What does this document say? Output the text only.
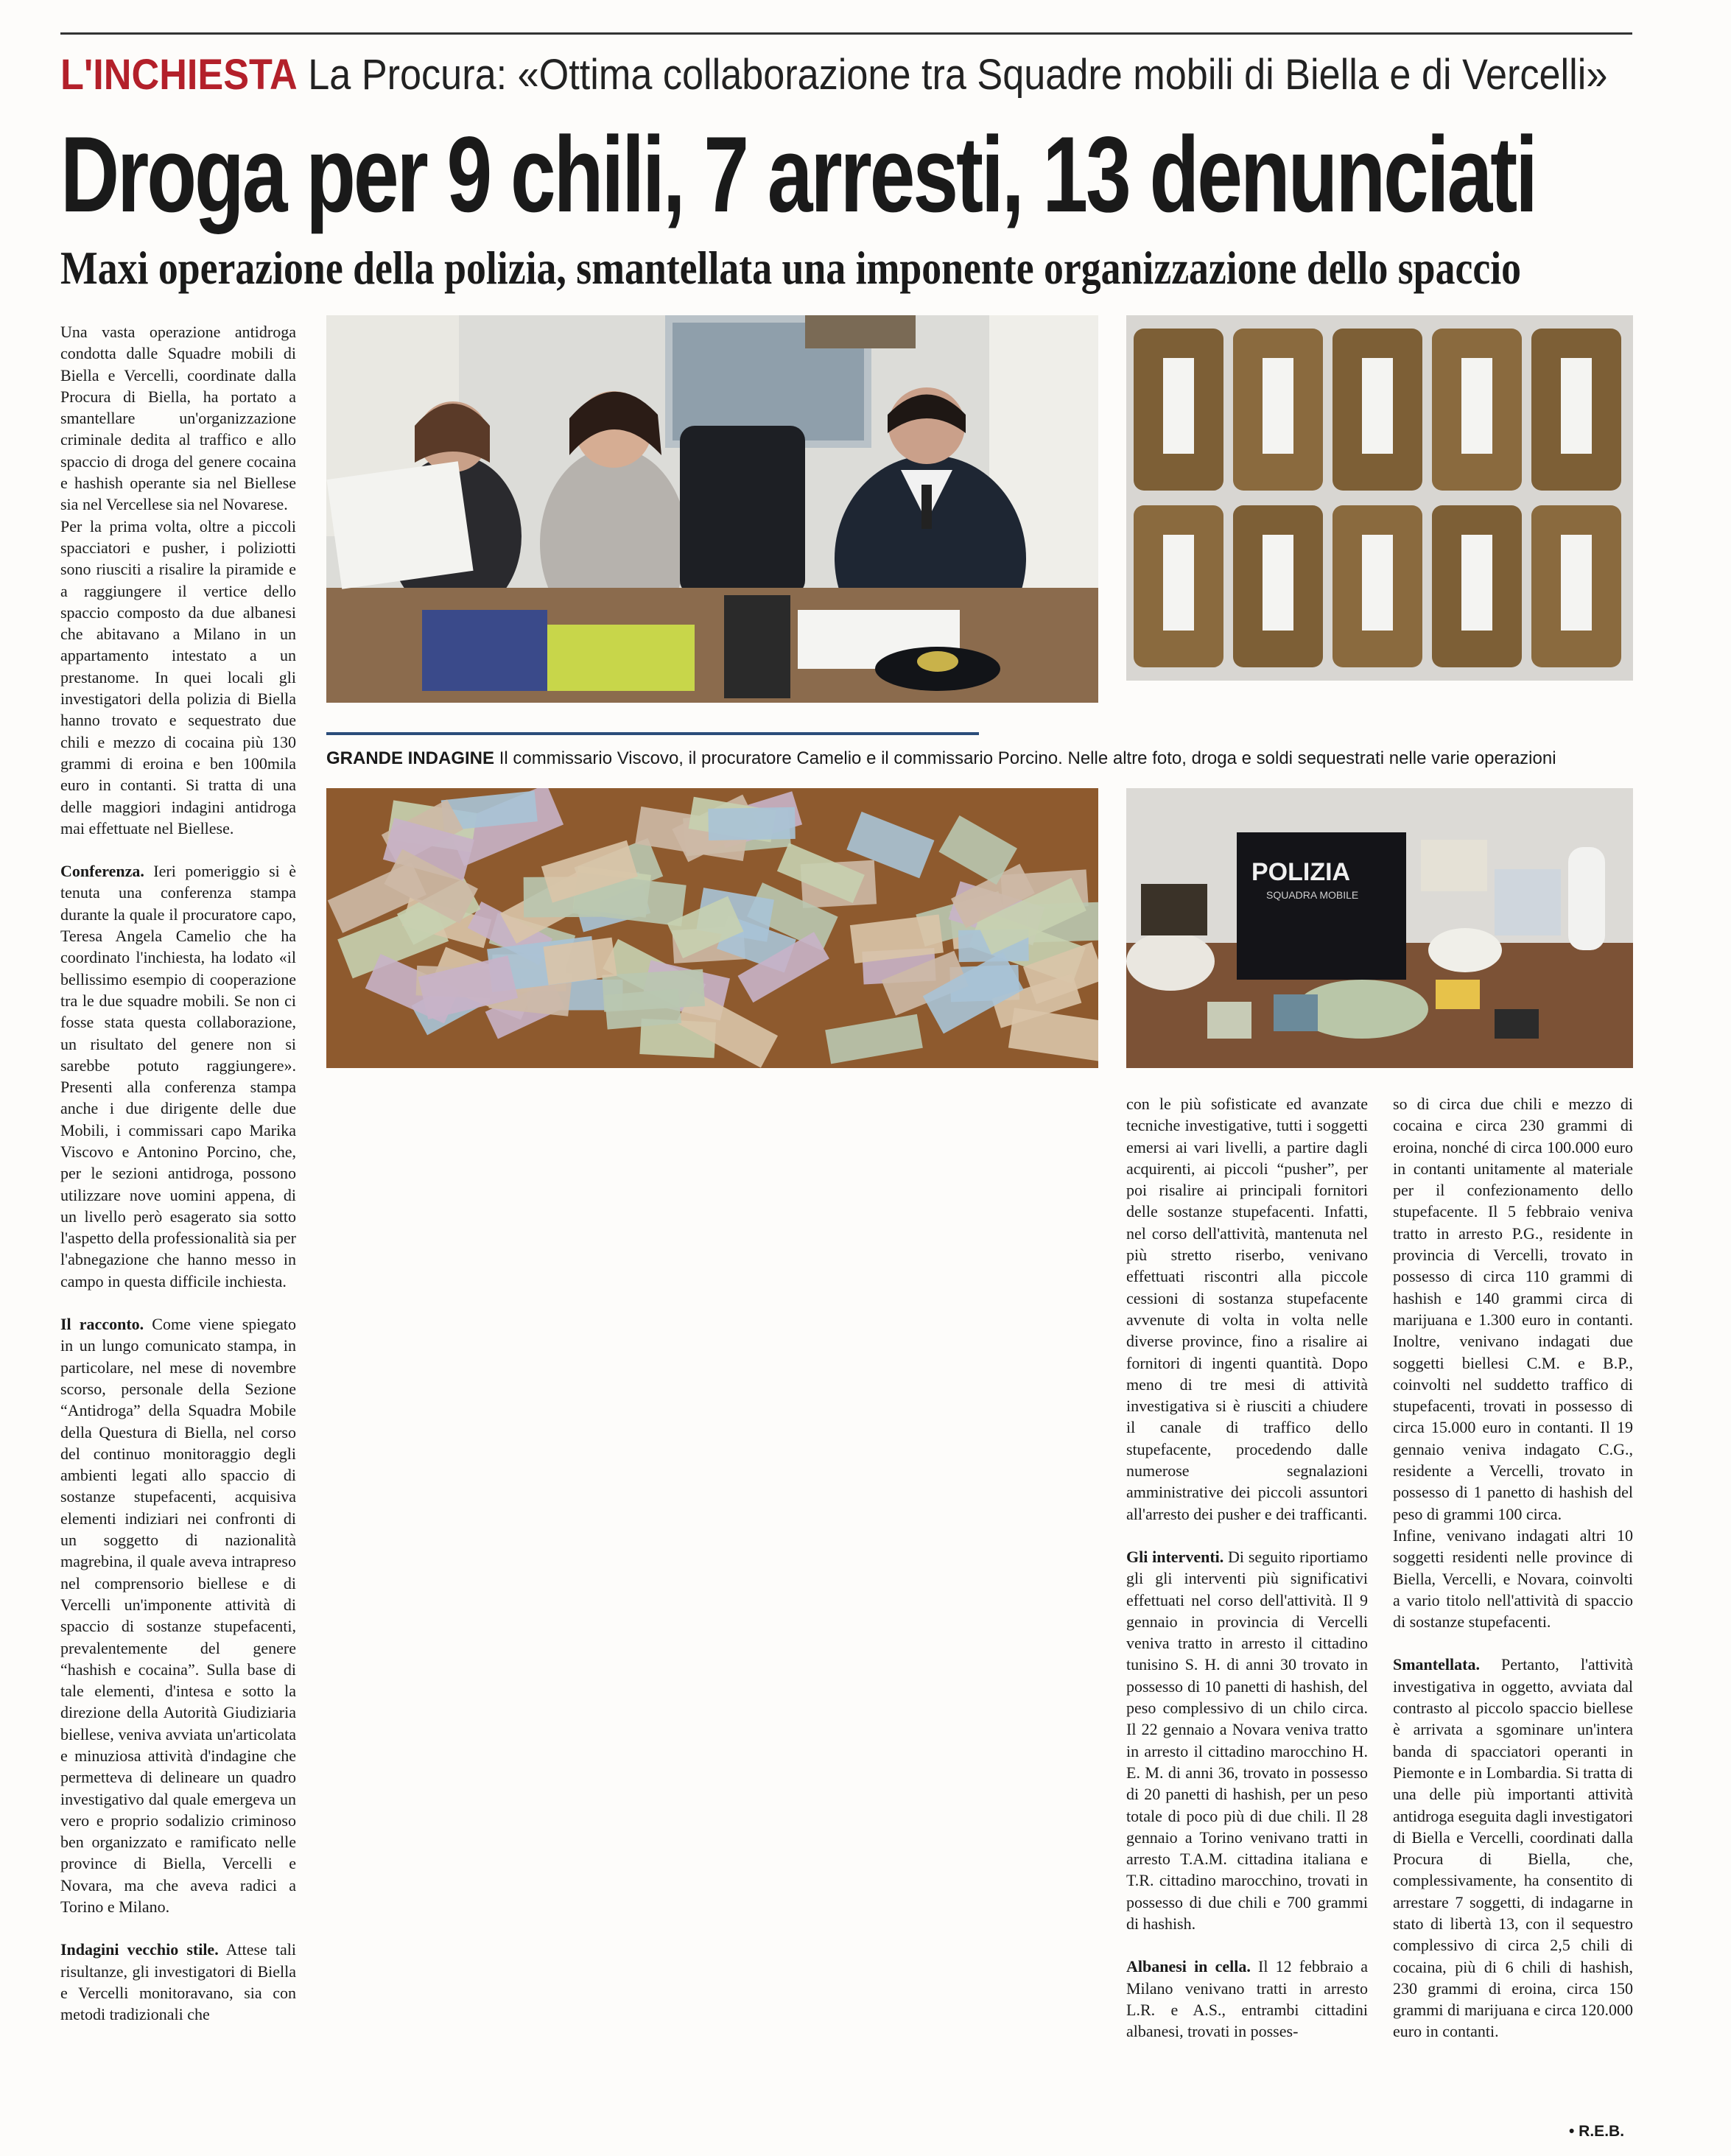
L'INCHIESTA La Procura: «Ottima collaborazione tra Squadre mobili di Biella e di Vercelli»
Droga per 9 chili, 7 arresti, 13 denunciati
Maxi operazione della polizia, smantellata una imponente organizzazione dello spaccio

Una vasta operazione antidroga condotta dalle Squadre mobili di Biella e Vercelli, coordinate dalla Procura di Biella, ha portato a smantellare un'organizzazione criminale dedita al traffico e allo spaccio di droga del genere cocaina e hashish operante sia nel Biellese sia nel Vercellese sia nel Novarese.

Per la prima volta, oltre a piccoli spacciatori e pusher, i poliziotti sono riusciti a risalire la piramide e a raggiungere il vertice dello spaccio composto da due albanesi che abitavano a Milano in un appartamento intestato a un prestanome. In quei locali gli investigatori della polizia di Biella hanno trovato e sequestrato due chili e mezzo di cocaina più 130 grammi di eroina e ben 100mila euro in contanti. Si tratta di una delle maggiori indagini antidroga mai effettuate nel Biellese.

Conferenza. Ieri pomeriggio si è tenuta una conferenza stampa durante la quale il procuratore capo, Teresa Angela Camelio che ha coordinato l'inchiesta, ha lodato «il bellissimo esempio di cooperazione tra le due squadre mobili. Se non ci fosse stata questa collaborazione, un risultato del genere non si sarebbe potuto raggiungere». Presenti alla conferenza stampa anche i due dirigente delle due Mobili, i commissari capo Marika Viscovo e Antonino Porcino, che, per le sezioni antidroga, possono utilizzare nove uomini appena, di un livello però esagerato sia sotto l'aspetto della professionalità sia per l'abnegazione che hanno messo in campo in questa difficile inchiesta.

Il racconto. Come viene spiegato in un lungo comunicato stampa, in particolare, nel mese di novembre scorso, personale della Sezione “Antidroga” della Squadra Mobile della Questura di Biella, nel corso del continuo monitoraggio degli ambienti legati allo spaccio di sostanze stupefacenti, acquisiva elementi indiziari nei confronti di un soggetto di nazionalità magrebina, il quale aveva intrapreso nel comprensorio biellese e di Vercelli un'imponente attività di spaccio di sostanze stupefacenti, prevalentemente del genere “hashish e cocaina”. Sulla base di tale elementi, d'intesa e sotto la direzione della Autorità Giudiziaria biellese, veniva avviata un'articolata e minuziosa attività d'indagine che permetteva di delineare un quadro investigativo dal quale emergeva un vero e proprio sodalizio criminoso ben organizzato e ramificato nelle province di Biella, Vercelli e Novara, ma che aveva radici a Torino e Milano.

Indagini vecchio stile. Attese tali risultanze, gli investigatori di Biella e Vercelli monitoravano, sia con metodi tradizionali che

GRANDE INDAGINE Il commissario Viscovo, il procuratore Camelio e il commissario Porcino. Nelle altre foto, droga e soldi sequestrati nelle varie operazioni
POLIZIA
SQUADRA MOBILE

con le più sofisticate ed avanzate tecniche investigative, tutti i soggetti emersi ai vari livelli, a partire dagli acquirenti, ai piccoli “pusher”, per poi risalire ai principali fornitori delle sostanze stupefacenti. Infatti, nel corso dell'attività, mantenuta nel più stretto riserbo, venivano effettuati riscontri alla piccole cessioni di sostanza stupefacente avvenute di volta in volta nelle diverse province, fino a risalire ai fornitori di ingenti quantità. Dopo meno di tre mesi di attività investigativa si è riusciti a chiudere il canale di traffico dello stupefacente, procedendo dalle numerose segnalazioni amministrative dei piccoli assuntori all'arresto dei pusher e dei trafficanti.

Gli interventi. Di seguito riportiamo gli gli interventi più significativi effettuati nel corso dell'attività. Il 9 gennaio in provincia di Vercelli veniva tratto in arresto il cittadino tunisino S. H. di anni 30 trovato in possesso di 10 panetti di hashish, del peso complessivo di un chilo circa. Il 22 gennaio a Novara veniva tratto in arresto il cittadino marocchino H. E. M. di anni 36, trovato in possesso di 20 panetti di hashish, per un peso totale di poco più di due chili. Il 28 gennaio a Torino venivano tratti in arresto T.A.M. cittadina italiana e T.R. cittadino marocchino, trovati in possesso di due chili e 700 grammi di hashish.

Albanesi in cella. Il 12 febbraio a Milano venivano tratti in arresto L.R. e A.S., entrambi cittadini albanesi, trovati in posses-

so di circa due chili e mezzo di cocaina e circa 230 grammi di eroina, nonché di circa 100.000 euro in contanti unitamente al materiale per il confezionamento dello stupefacente. Il 5 febbraio veniva tratto in arresto P.G., residente in provincia di Vercelli, trovato in possesso di circa 110 grammi di hashish e 140 grammi circa di marijuana e 1.300 euro in contanti. Inoltre, venivano indagati due soggetti biellesi C.M. e B.P., coinvolti nel suddetto traffico di stupefacenti, trovati in possesso di circa 15.000 euro in contanti. Il 19 gennaio veniva indagato C.G., residente a Vercelli, trovato in possesso di 1 panetto di hashish del peso di grammi 100 circa.

Infine, venivano indagati altri 10 soggetti residenti nelle province di Biella, Vercelli, e Novara, coinvolti a vario titolo nell'attività di spaccio di sostanze stupefacenti.

Smantellata. Pertanto, l'attività investigativa in oggetto, avviata dal contrasto al piccolo spaccio biellese è arrivata a sgominare un'intera banda di spacciatori operanti in Piemonte e in Lombardia. Si tratta di una delle più importanti attività antidroga eseguita dagli investigatori di Biella e Vercelli, coordinati dalla Procura di Biella, che, complessivamente, ha consentito di arrestare 7 soggetti, di indagarne in stato di libertà 13, con il sequestro complessivo di circa 2,5 chili di cocaina, più di 6 chili di hashish, 230 grammi di eroina, circa 150 grammi di marijuana e circa 120.000 euro in contanti.

• R.E.B.
